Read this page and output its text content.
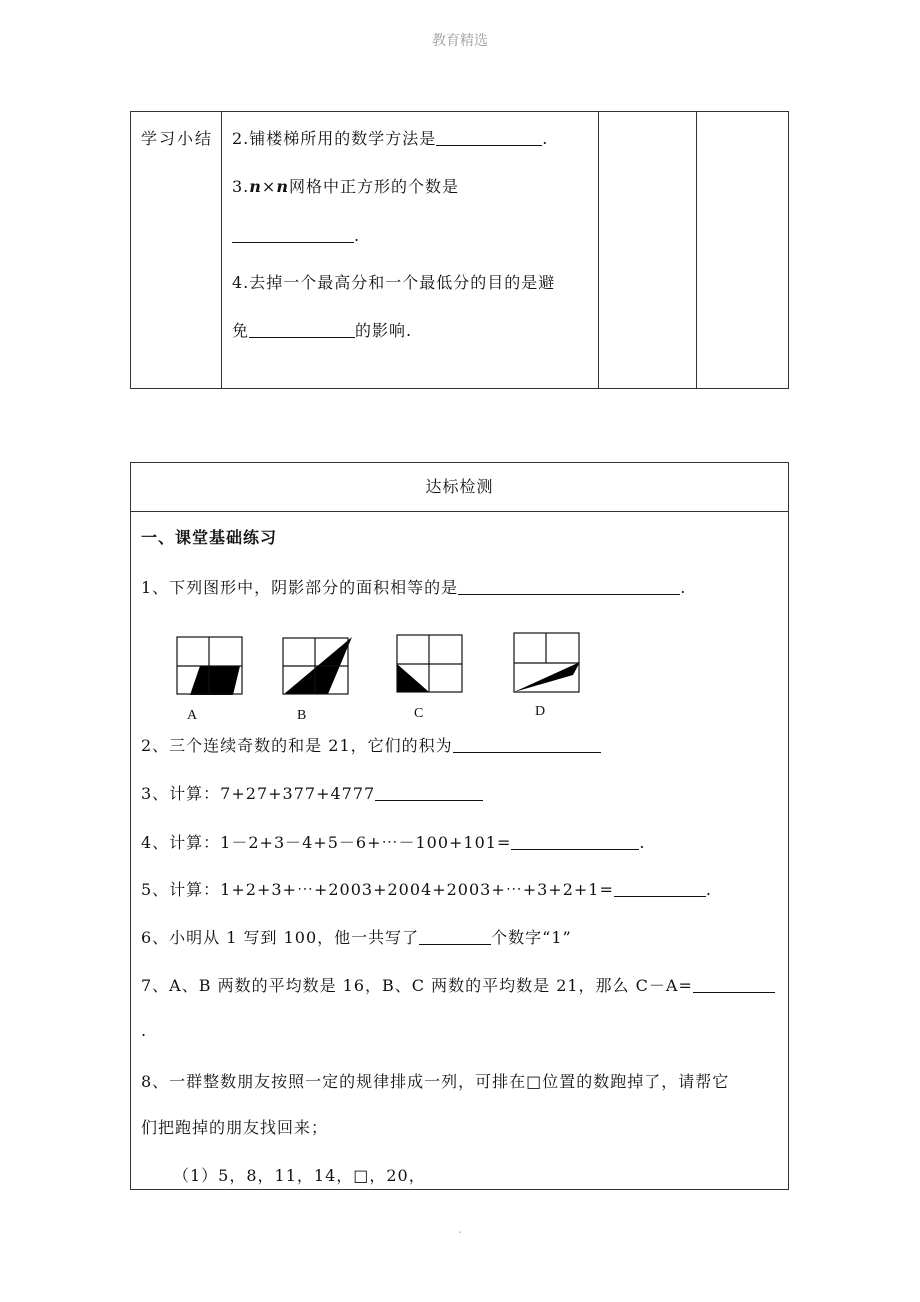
教育精选
学习小结 2.铺楼梯所用的数学方法是	.
3.n×n网格中正方形的个数是
.
4.去掉一个最高分和一个最低分的目的是避
免	的影响.
达标检测
一、课堂基础练习
1、下列图形中，阴影部分的面积相等的是	.
A	B	C	D
2、三个连续奇数的和是 21，它们的积为
3、计算：7+27+377+4777
4、计算：1－2+3－4+5－6+⋯－100+101=	.
5、计算：1+2+3+⋯+2003+2004+2003+⋯+3+2+1=	.
6、小明从 1 写到 100，他一共写了	个数字“1”
7、A、B 两数的平均数是 16，B、C 两数的平均数是 21，那么 C－A=
.
8、一群整数朋友按照一定的规律排成一列，可排在□位置的数跑掉了，请帮它
们把跑掉的朋友找回来；
（1）5，8，11，14，□，20，
.
